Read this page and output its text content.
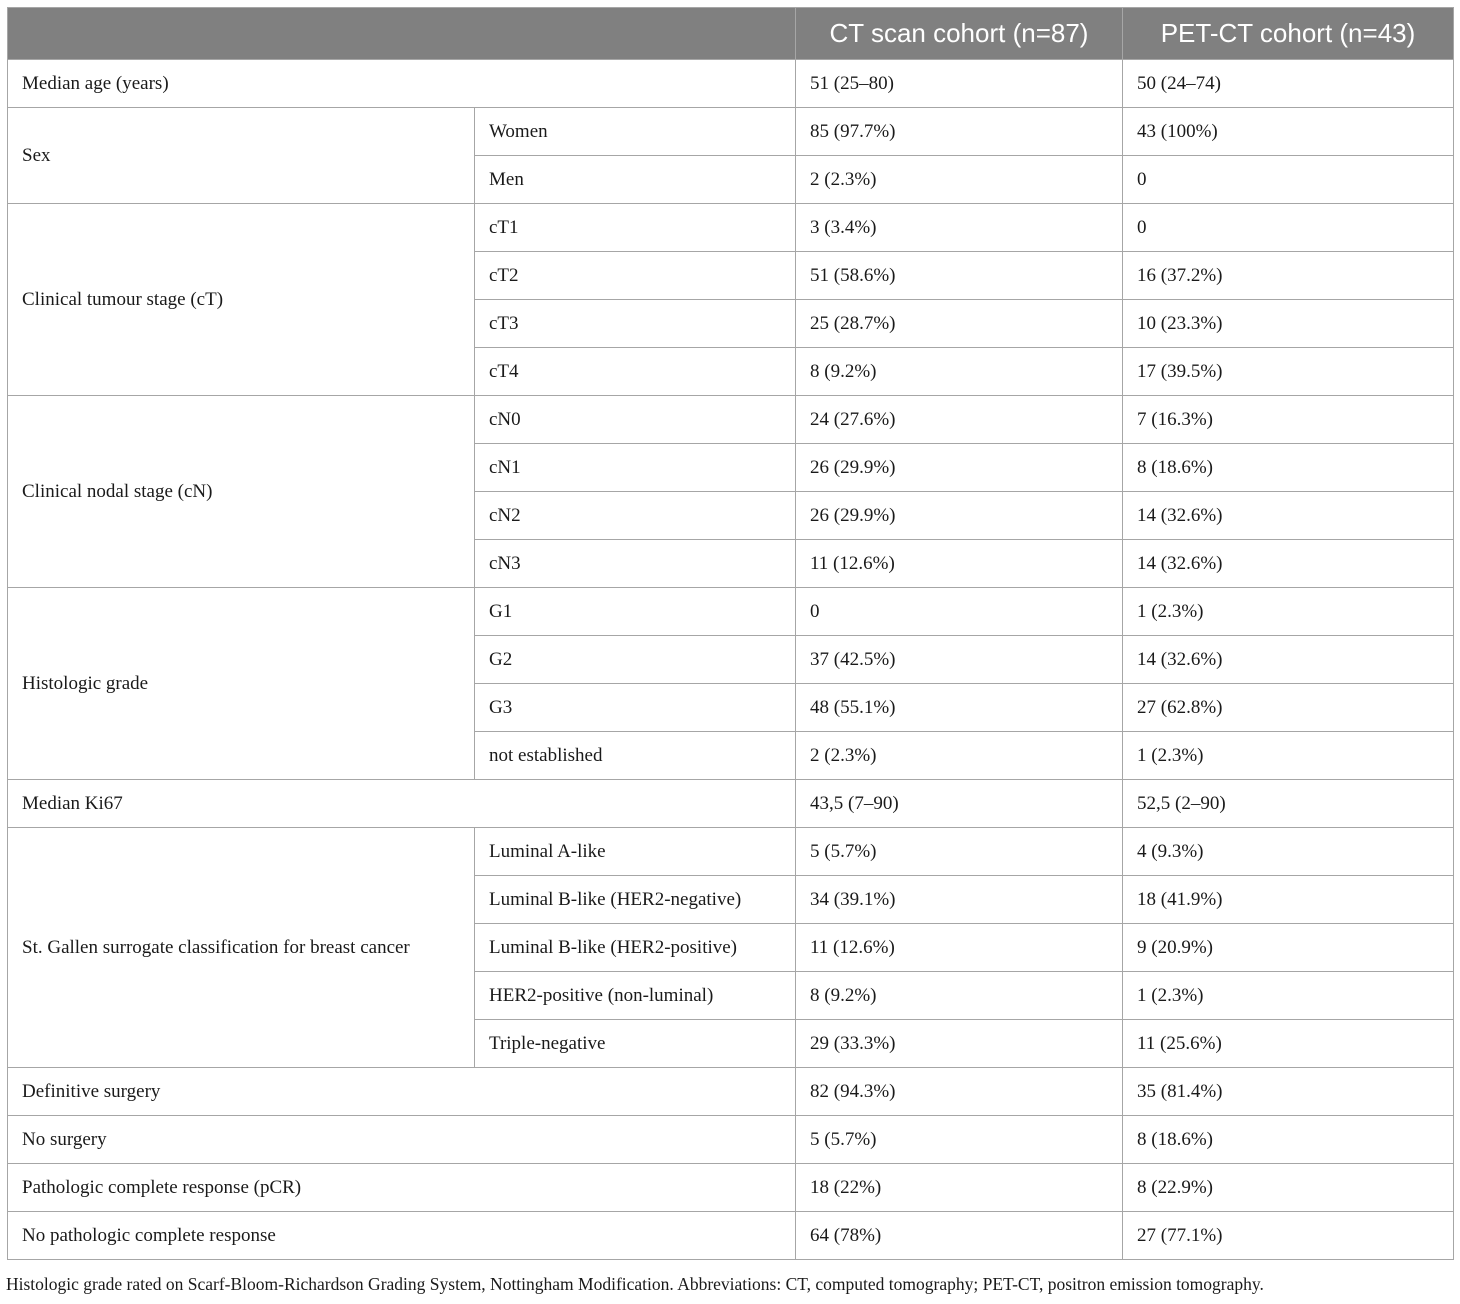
		CT scan cohort (n=87)	PET-CT cohort (n=43)
Median age (years)		51 (25–80)	50 (24–74)
Sex	Women	85 (97.7%)	43 (100%)
	Men	2 (2.3%)	0
Clinical tumour stage (cT)	cT1	3 (3.4%)	0
	cT2	51 (58.6%)	16 (37.2%)
	cT3	25 (28.7%)	10 (23.3%)
	cT4	8 (9.2%)	17 (39.5%)
Clinical nodal stage (cN)	cN0	24 (27.6%)	7 (16.3%)
	cN1	26 (29.9%)	8 (18.6%)
	cN2	26 (29.9%)	14 (32.6%)
	cN3	11 (12.6%)	14 (32.6%)
Histologic grade	G1	0	1 (2.3%)
	G2	37 (42.5%)	14 (32.6%)
	G3	48 (55.1%)	27 (62.8%)
	not established	2 (2.3%)	1 (2.3%)
Median Ki67		43,5 (7–90)	52,5 (2–90)
St. Gallen surrogate classification for breast cancer	Luminal A-like	5 (5.7%)	4 (9.3%)
	Luminal B-like (HER2-negative)	34 (39.1%)	18 (41.9%)
	Luminal B-like (HER2-positive)	11 (12.6%)	9 (20.9%)
	HER2-positive (non-luminal)	8 (9.2%)	1 (2.3%)
	Triple-negative	29 (33.3%)	11 (25.6%)
Definitive surgery		82 (94.3%)	35 (81.4%)
No surgery		5 (5.7%)	8 (18.6%)
Pathologic complete response (pCR)		18 (22%)	8 (22.9%)
No pathologic complete response		64 (78%)	27 (77.1%)

Histologic grade rated on Scarf-Bloom-Richardson Grading System, Nottingham Modification. Abbreviations: CT, computed tomography; PET-CT, positron emission tomography.
